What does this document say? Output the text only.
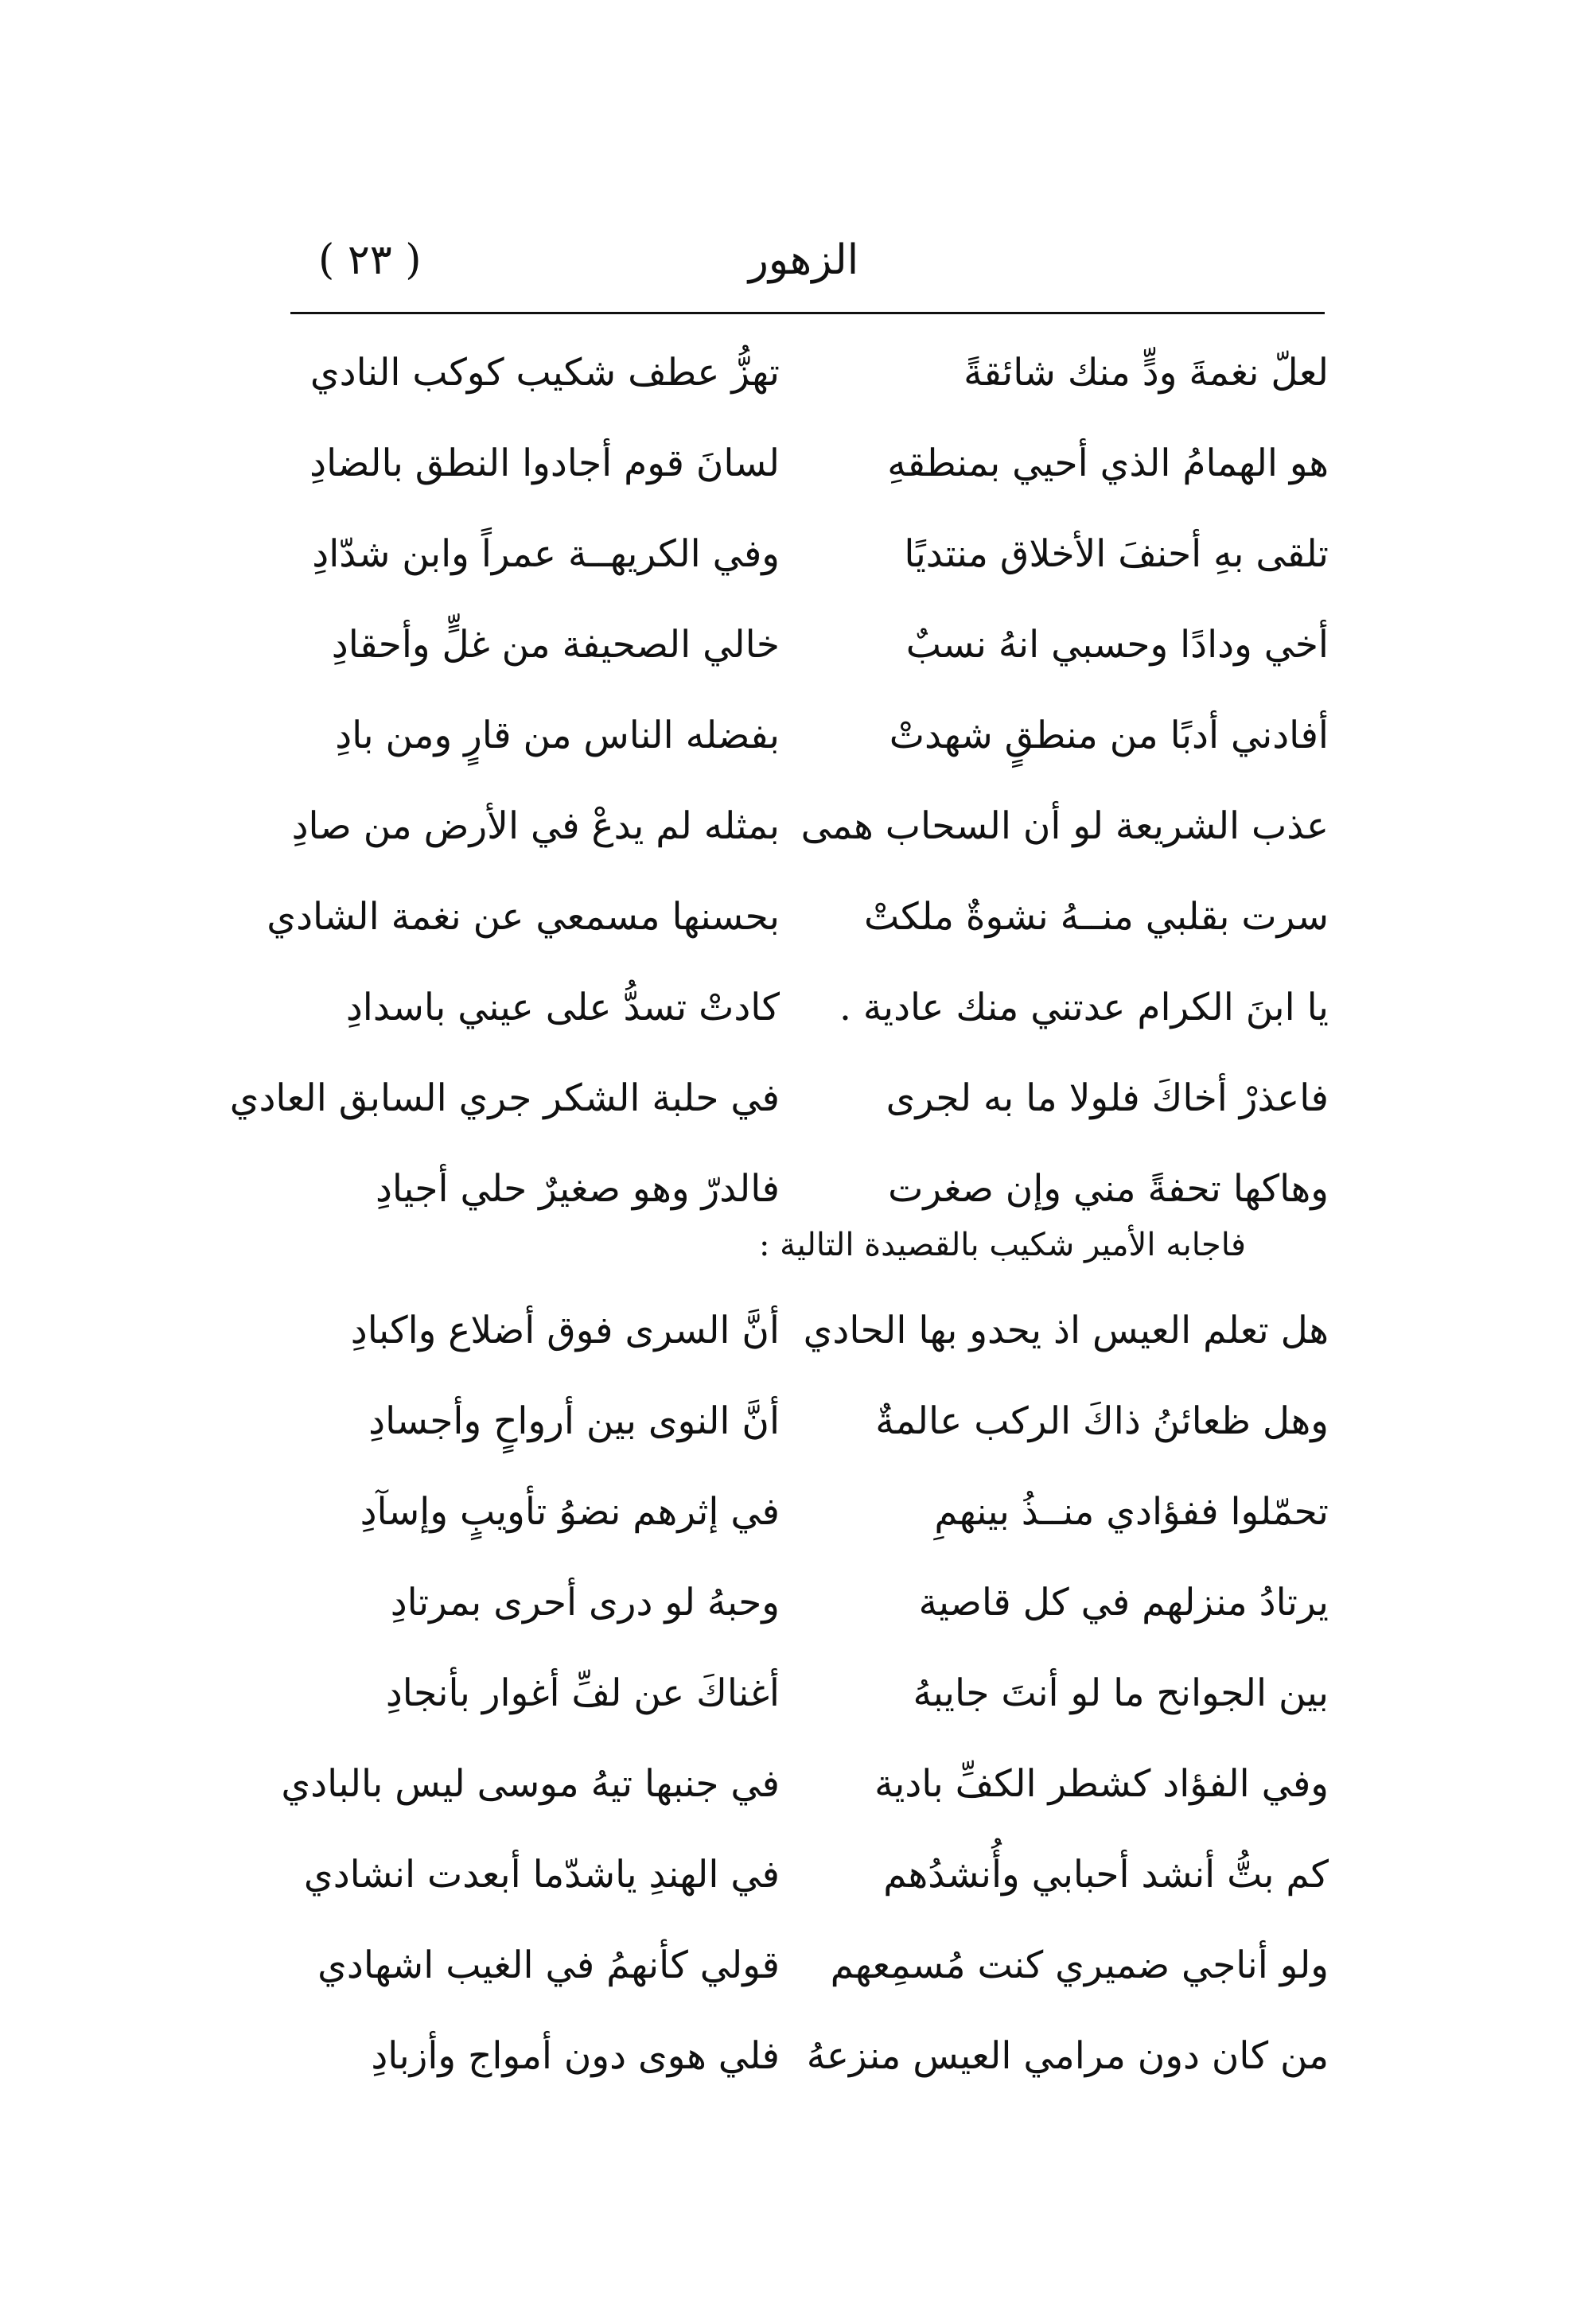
الزهور
( ٢٣ )
لعلّ نغمةَ ودٍّ منك شائقةً
تهزُّ عطف شكيب كوكب النادي
هو الهمامُ الذي أحيي بمنطقهِ
لسانَ قوم أجادوا النطق بالضادِ
تلقى بهِ أحنفَ الأخلاق منتديًا
وفي الكريهــة عمراً وابن شدّادِ
أخي ودادًا وحسبي انهُ نسبٌ
خالي الصحيفة من غلٍّ وأحقادِ
أفادني أدبًا من منطقٍ شهدتْ
بفضله الناس من قارٍ ومن بادِ
عذب الشريعة لو أن السحاب همى
بمثله لم يدعْ في الأرض من صادِ
سرت بقلبي منــهُ نشوةٌ ملكتْ
بحسنها مسمعي عن نغمة الشادي
يا ابنَ الكرام عدتني منك عادية .
كادتْ تسدُّ على عيني باسدادِ
فاعذرْ أخاكَ فلولا ما به لجرى
في حلبة الشكر جري السابق العادي
وهاكها تحفةً مني وإن صغرت
فالدرّ وهو صغيرٌ حلي أجيادِ
فاجابه الأمير شكيب بالقصيدة التالية :
هل تعلم العيس اذ يحدو بها الحادي
أنَّ السرى فوق أضلاع واكبادِ
وهل ظعائنُ ذاكَ الركب عالمةٌ
أنَّ النوى بين أرواحٍ وأجسادِ
تحمّلوا ففؤادي منــذُ بينهمِ
في إثرهم نضوُ تأويبٍ وإسآدِ
يرتادُ منزلهم في كل قاصية
وحبهُ لو درى أحرى بمرتادِ
بين الجوانح ما لو أنتَ جايبهُ
أغناكَ عن لفِّ أغوار بأنجادِ
وفي الفؤاد كشطر الكفِّ بادية
في جنبها تيهُ موسى ليس بالبادي
كم بتُّ أنشد أحبابي وأُنشدُهم
في الهندِ ياشدّما أبعدت انشادي
ولو أناجي ضميري كنت مُسمِعهم
قولي كأنهمُ في الغيب اشهادي
من كان دون مرامي العيس منزعهُ
فلي هوى دون أمواج وأزبادِ
